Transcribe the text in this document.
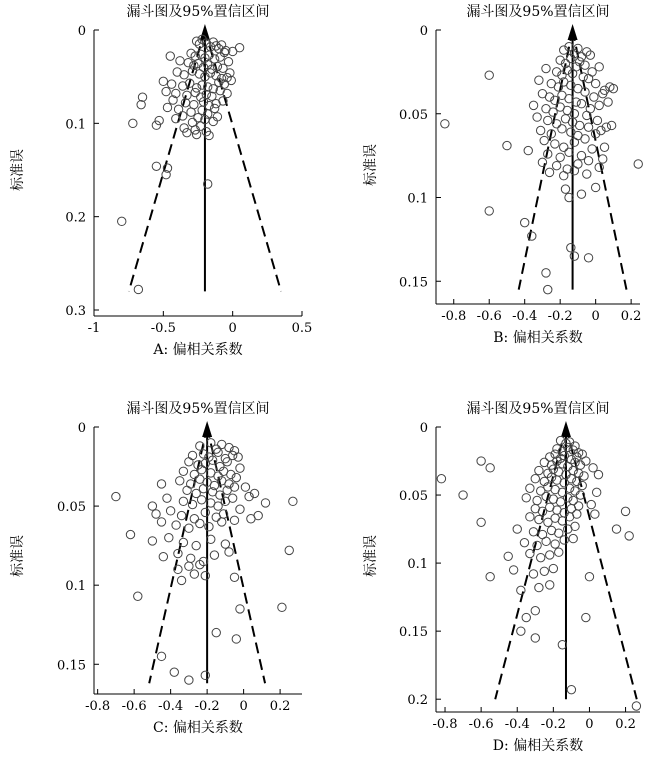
漏斗图及95%置信区间
-1	-0.5	0	0.5
0
0.1
0.2
0.3
A: 偏相关系数
标准误
漏斗图及95%置信区间
-0.8 -0.6 -0.4 -0.2 0 0.2
0
0.05
0.1
0.15
B: 偏相关系数
标准误
漏斗图及95%置信区间
-0.8 -0.6 -0.4 -0.2 0 0.2
0
0.05
0.1
0.15
C: 偏相关系数
标准误
漏斗图及95%置信区间
-0.8 -0.6 -0.4 -0.2 0 0.2
0
0.05
0.1
0.15
0.2
D: 偏相关系数
标准误
